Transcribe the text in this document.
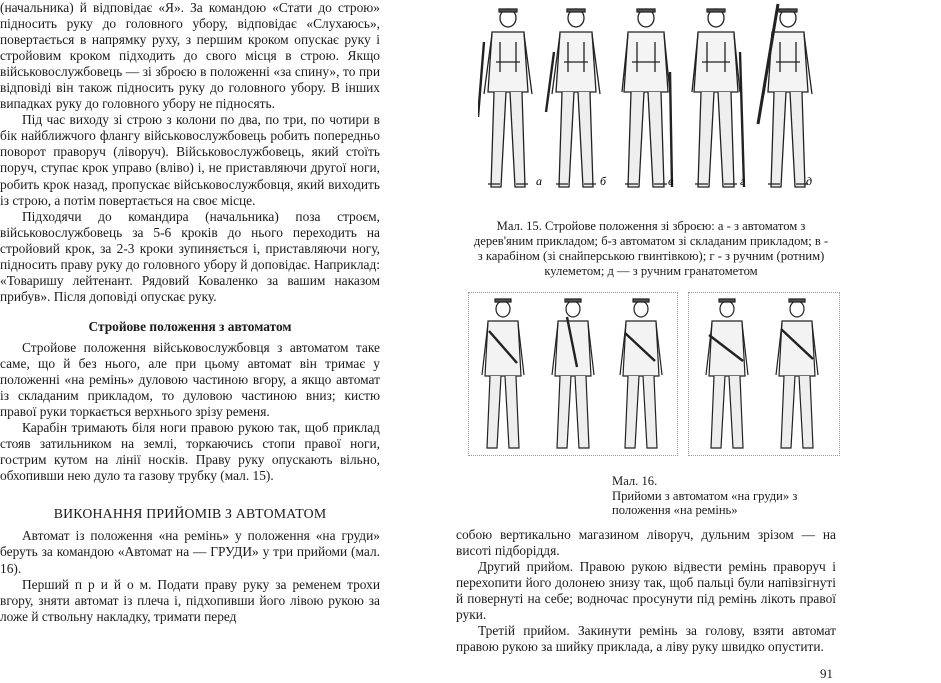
(начальника) й відповідає «Я». За командою «Стати до строю» підносить руку до головного убору, відповідає «Слухаюсь», повертається в напрямку руху, з першим кроком опускає руку і стройовим кроком підходить до свого місця в строю. Якщо військовослужбовець — зі зброєю в положенні «за спину», то при відповіді він також підносить руку до головного убору. В інших випадках руку до головного убору не підносять.

Під час виходу зі строю з колони по два, по три, по чотири в бік найближчого флангу військовослужбовець робить попередньо поворот праворуч (ліворуч). Військовослужбовець, який стоїть поруч, ступає крок управо (вліво) і, не приставляючи другої ноги, робить крок назад, пропускає військовослужбовця, який виходить із строю, а потім повертається на своє місце.

Підходячи до командира (начальника) поза строєм, військовослужбовець за 5-6 кроків до нього переходить на стройовий крок, за 2-3 кроки зупиняється і, приставляючи ногу, підносить праву руку до головного убору й доповідає. Наприклад: «Товаришу лейтенант. Рядовий Коваленко за вашим наказом прибув». Після доповіді опускає руку.

Стройове положення з автоматом

Стройове положення військовослужбовця з автоматом таке саме, що й без нього, але при цьому автомат він тримає у положенні «на ремінь» дуловою частиною вгору, а якщо автомат із складаним прикладом, то дуловою частиною вниз; кистю правої руки торкається верхнього зрізу ременя.

Карабін тримають біля ноги правою рукою так, щоб приклад стояв затильником на землі, торкаючись стопи правої ноги, гострим кутом на лінії носків. Праву руку опускають вільно, обхопивши нею дуло та газову трубку (мал. 15).

ВИКОНАННЯ ПРИЙОМІВ З АВТОМАТОМ

Автомат із положення «на ремінь» у положення «на груди» беруть за командою «Автомат на — ГРУДИ» у три прийоми (мал. 16).

Перший п р и й о м. Подати праву руку за ременем трохи вгору, зняти автомат із плеча і, підхопивши його лівою рукою за ложе й ствольну накладку, тримати перед

а	б	в	г	д

Мал. 15. Стройове положення зі зброєю: а - з автоматом з дерев'яним прикладом; б-з автоматом зі складаним прикладом; в - з карабіном (зі снайперською гвинтівкою); г - з ручним (ротним) кулеметом; д — з ручним гранатометом

Мал. 16.
Прийоми з автоматом «на груди» з положення «на ремінь»

собою вертикально магазином ліворуч, дульним зрізом — на висоті підборіддя.

Другий прийом. Правою рукою відвести ремінь праворуч і перехопити його долонею знизу так, щоб пальці були напівзігнуті й повернуті на себе; водночас просунути під ремінь лікоть правої руки.

Третій прийом. Закинути ремінь за голову, взяти автомат правою рукою за шийку приклада, а ліву руку швидко опустити.

91
